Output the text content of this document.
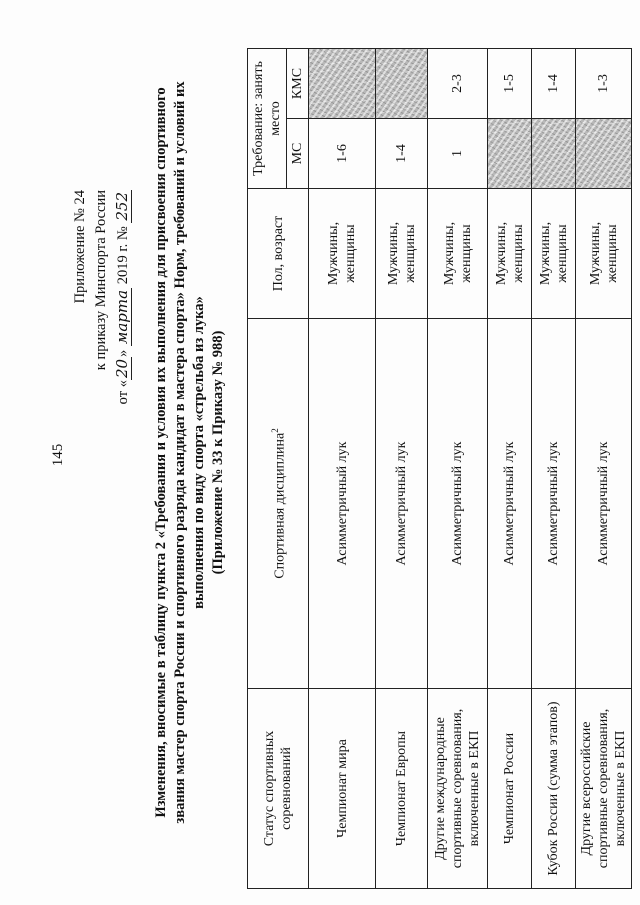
145
Приложение № 24 к приказу Минспорта России
от «20» марта 2019 г. № 252 Изменения, вносимые в таблицу пункта 2 «Требования и условия их выполнения для присвоения спортивного звания мастер спорта России и спортивного разряда кандидат в мастера спорта» Норм, требований и условий их выполнения по виду спорта «стрельба из лука» (Приложение № 33 к Приказу № 988)
Статус спортивных соревнований	Спортивная дисциплина$^2$	Пол, возраст	Требование: занять место	
			МС	КМС
Чемпионат мира	Асимметричный лук	Мужчины, женщины	1-6	
Чемпионат Европы	Асимметричный лук	Мужчины, женщины	1-4	
Другие международные спортивные соревнования, включенные в ЕКП	Асимметричный лук	Мужчины, женщины	1	2-3
Чемпионат России	Асимметричный лук	Мужчины, женщины		1-5
Кубок России (сумма этапов)	Асимметричный лук	Мужчины, женщины		1-4
Другие всероссийские спортивные соревнования, включенные в ЕКП	Асимметричный лук	Мужчины, женщины		1-3
